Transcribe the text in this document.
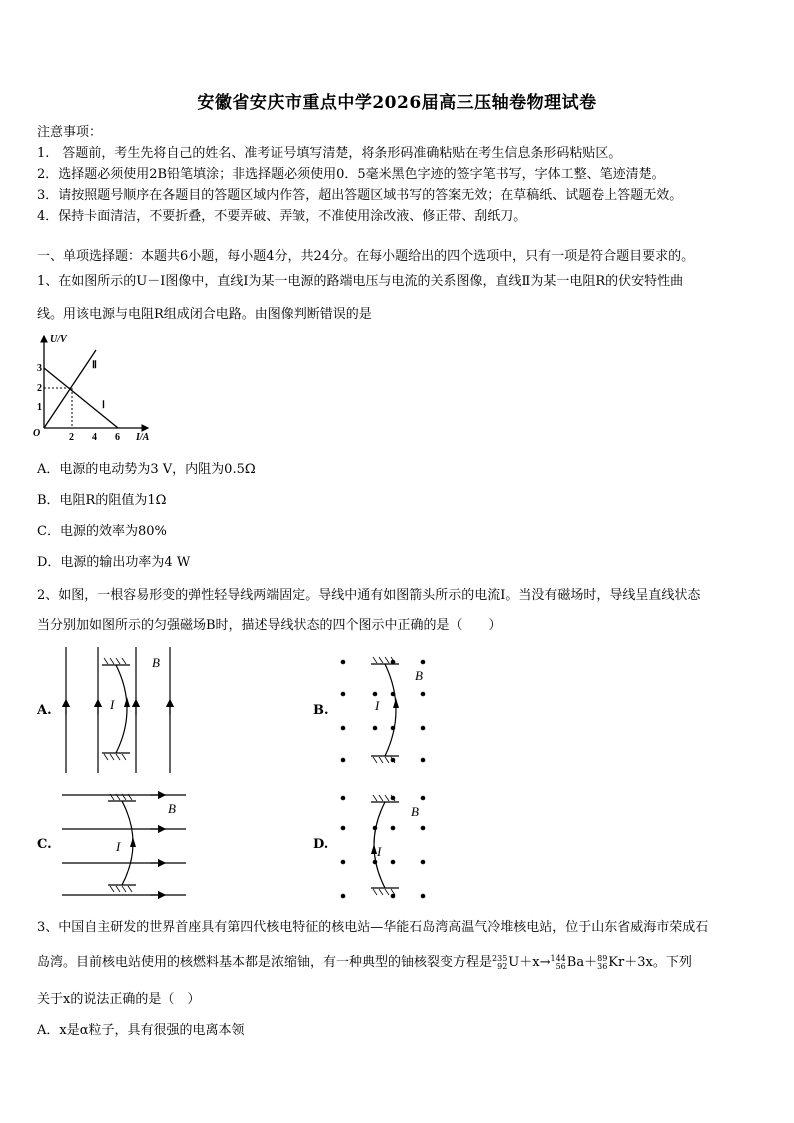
安徽省安庆市重点中学2026届高三压轴卷物理试卷
注意事项：
1.　答题前，考生先将自己的姓名、准考证号填写清楚，将条形码准确粘贴在考生信息条形码粘贴区。
2．选择题必须使用2B铅笔填涂；非选择题必须使用0．5毫米黑色字迹的签字笔书写，字体工整、笔迹清楚。
3．请按照题号顺序在各题目的答题区域内作答，超出答题区域书写的答案无效；在草稿纸、试题卷上答题无效。
4．保持卡面清洁，不要折叠，不要弄破、弄皱，不准使用涂改液、修正带、刮纸刀。
一、单项选择题：本题共6小题，每小题4分，共24分。在每小题给出的四个选项中，只有一项是符合题目要求的。
1、在如图所示的U－I图像中，直线Ⅰ为某一电源的路端电压与电流的关系图像，直线Ⅱ为某一电阻R的伏安特性曲
线。用该电源与电阻R组成闭合电路。由图像判断错误的是
U/V
I/A
O
1
2
3
2 4 6
Ⅰ
Ⅱ
A．电源的电动势为3 V，内阻为0.5Ω
B．电阻R的阻值为1Ω
C．电源的效率为80%
D．电源的输出功率为4 W
2、如图，一根容易形变的弹性轻导线两端固定。导线中通有如图箭头所示的电流I。当没有磁场时，导线呈直线状态
当分别加如图所示的匀强磁场B时，描述导线状态的四个图示中正确的是（　　）
A.	B.
C.	D.
I
B
I
B
I
B
I
B
3、中国自主研发的世界首座具有第四代核电特征的核电站—华能石岛湾高温气冷堆核电站，位于山东省威海市荣成石
岛湾。目前核电站使用的核燃料基本都是浓缩铀，有一种典型的铀核裂变方程是235
92U＋x→144
56Ba＋89
36Kr＋3x。下列
关于x的说法正确的是（　）
A．x是α粒子，具有很强的电离本领
